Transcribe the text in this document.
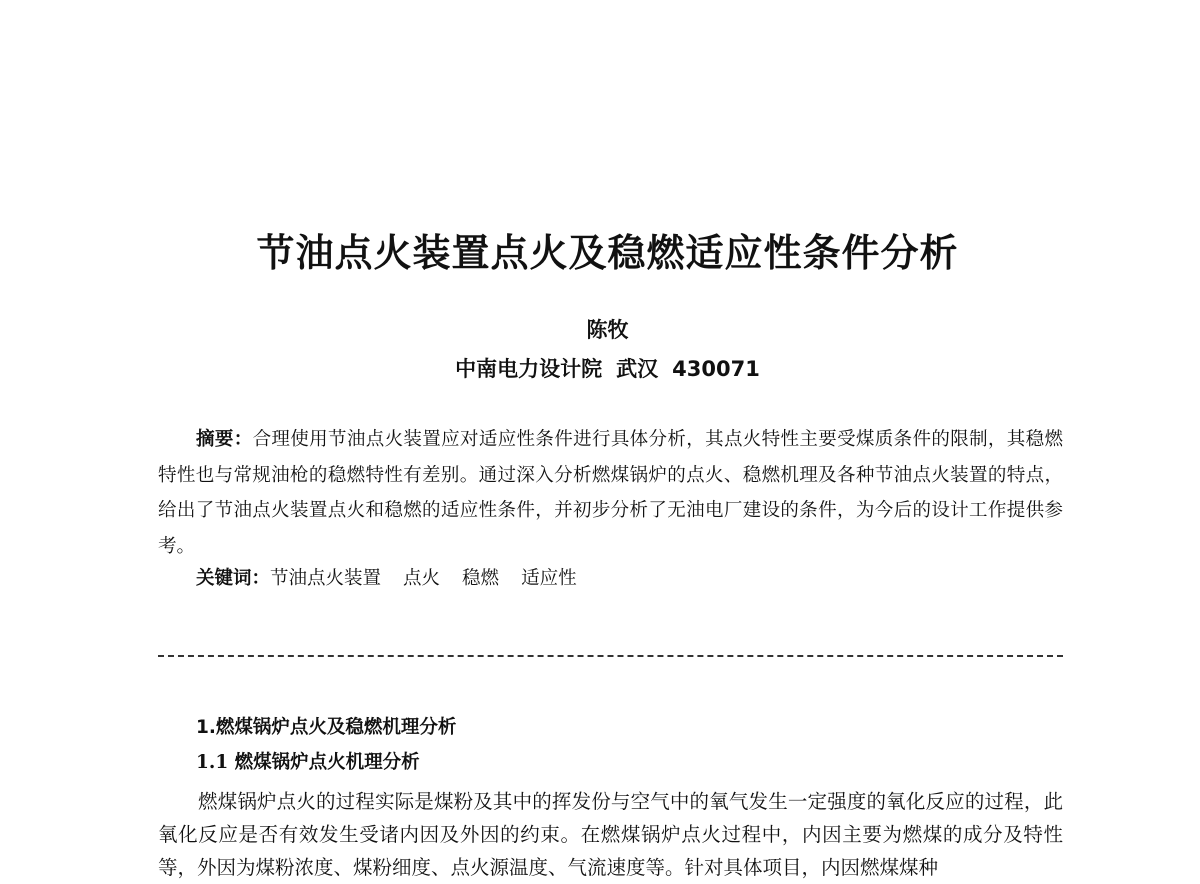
节油点火装置点火及稳燃适应性条件分析
陈牧
中南电力设计院 武汉 430071

摘要：合理使用节油点火装置应对适应性条件进行具体分析，其点火特性主要受煤质条件的限制，其稳燃特性也与常规油枪的稳燃特性有差别。通过深入分析燃煤锅炉的点火、稳燃机理及各种节油点火装置的特点，给出了节油点火装置点火和稳燃的适应性条件，并初步分析了无油电厂建设的条件，为今后的设计工作提供参考。

关键词：节油点火装置 点火 稳燃 适应性
1.燃煤锅炉点火及稳燃机理分析
1.1 燃煤锅炉点火机理分析

燃煤锅炉点火的过程实际是煤粉及其中的挥发份与空气中的氧气发生一定强度的氧化反应的过程，此氧化反应是否有效发生受诸内因及外因的约束。在燃煤锅炉点火过程中，内因主要为燃煤的成分及特性等，外因为煤粉浓度、煤粉细度、点火源温度、气流速度等。针对具体项目，内因燃煤煤种
